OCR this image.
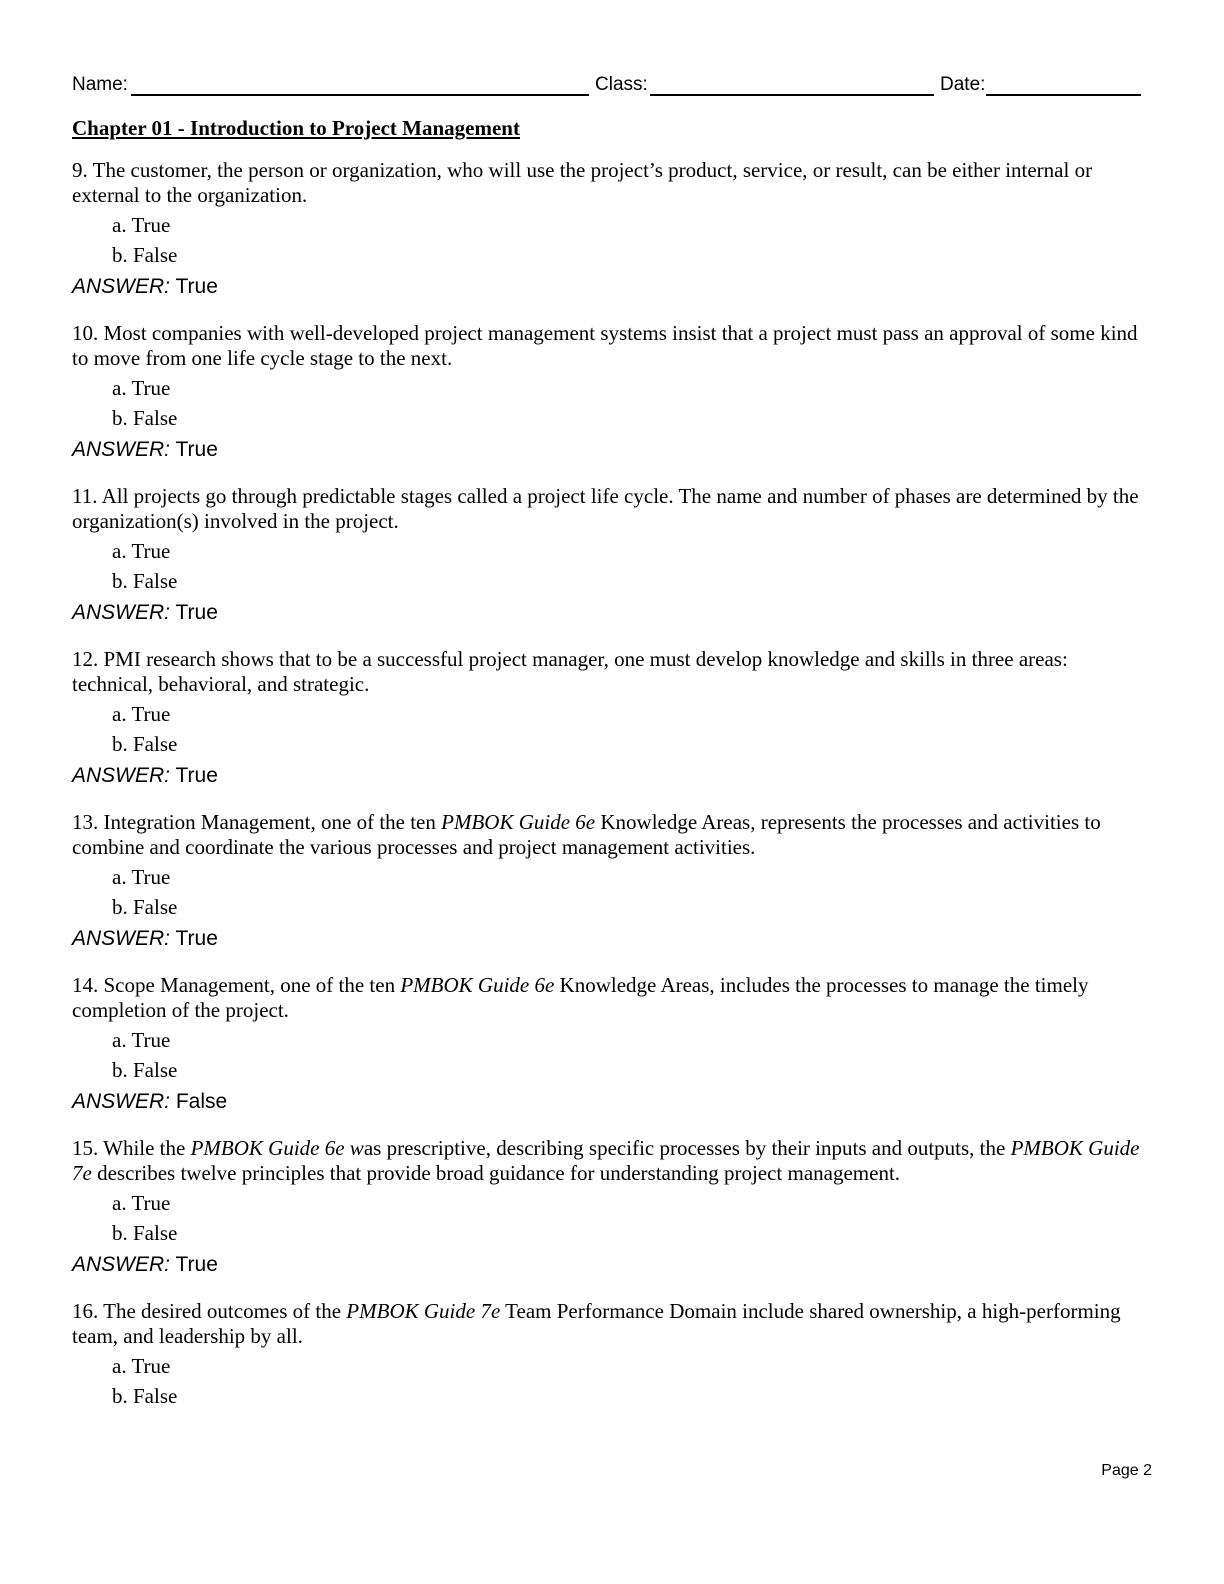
Name:	Class:	Date:
Chapter 01 - Introduction to Project Management

9. The customer, the person or organization, who will use the project’s product, service, or result, can be either internal or external to the organization.

a. True
b. False
ANSWER: True

10. Most companies with well-developed project management systems insist that a project must pass an approval of some kind to move from one life cycle stage to the next.

a. True
b. False
ANSWER: True

11. All projects go through predictable stages called a project life cycle. The name and number of phases are determined by the organization(s) involved in the project.

a. True
b. False
ANSWER: True

12. PMI research shows that to be a successful project manager, one must develop knowledge and skills in three areas: technical, behavioral, and strategic.

a. True
b. False
ANSWER: True

13. Integration Management, one of the ten PMBOK Guide 6e Knowledge Areas, represents the processes and activities to combine and coordinate the various processes and project management activities.

a. True
b. False
ANSWER: True

14. Scope Management, one of the ten PMBOK Guide 6e Knowledge Areas, includes the processes to manage the timely completion of the project.

a. True
b. False
ANSWER: False

15. While the PMBOK Guide 6e was prescriptive, describing specific processes by their inputs and outputs, the PMBOK Guide 7e describes twelve principles that provide broad guidance for understanding project management.

a. True
b. False
ANSWER: True

16. The desired outcomes of the PMBOK Guide 7e Team Performance Domain include shared ownership, a high-performing team, and leadership by all.

a. True
b. False
Page 2
